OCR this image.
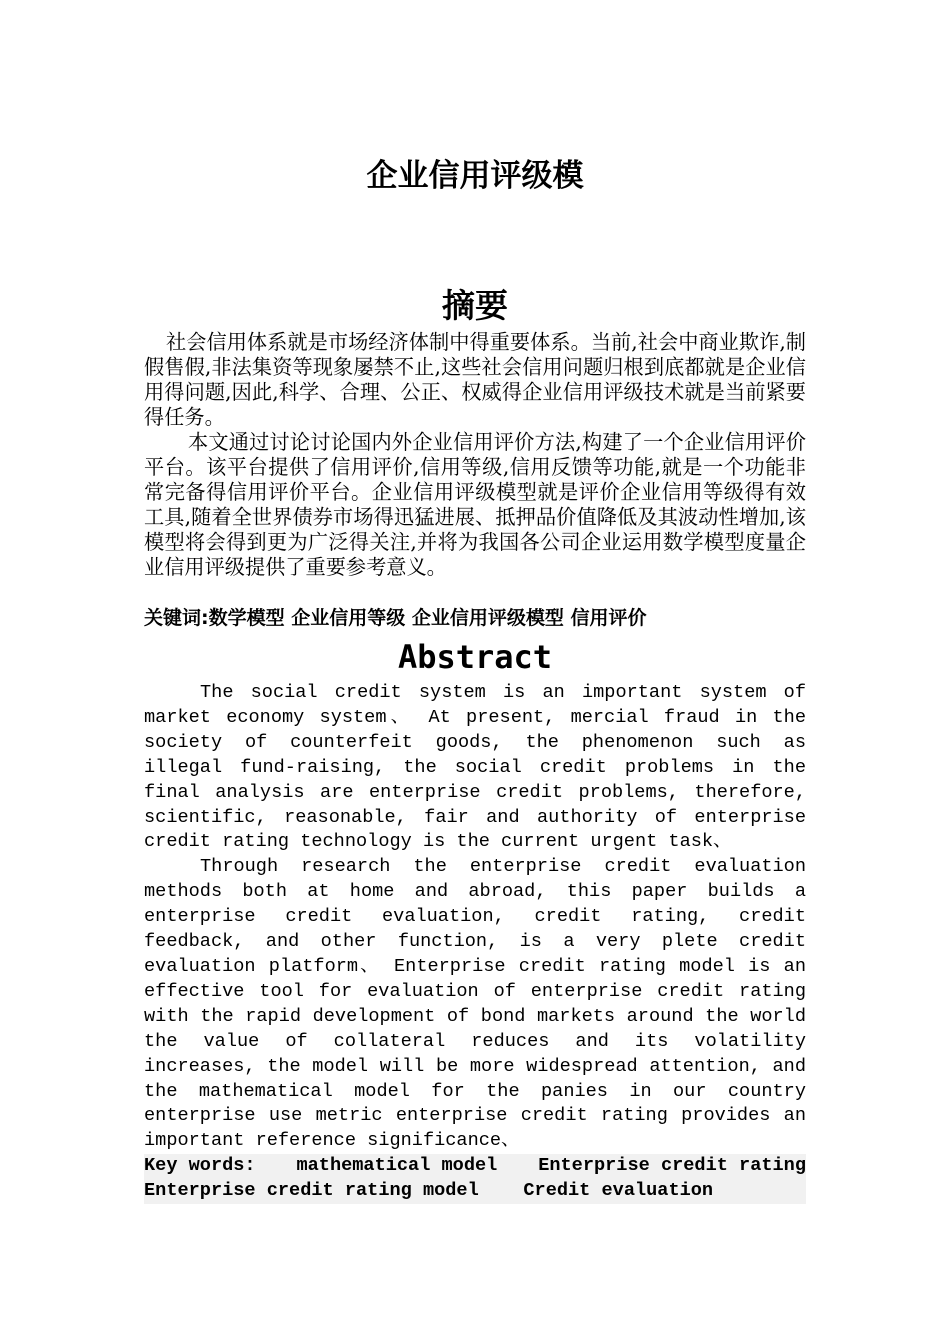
企业信用评级模
摘要

社会信用体系就是市场经济体制中得重要体系。当前,社会中商业欺诈,制假售假,非法集资等现象屡禁不止,这些社会信用问题归根到底都就是企业信用得问题,因此,科学、合理、公正、权威得企业信用评级技术就是当前紧要得任务。

本文通过讨论讨论国内外企业信用评价方法,构建了一个企业信用评价平台。该平台提供了信用评价,信用等级,信用反馈等功能,就是一个功能非常完备得信用评价平台。企业信用评级模型就是评价企业信用等级得有效工具,随着全世界债券市场得迅猛进展、抵押品价值降低及其波动性增加,该模型将会得到更为广泛得关注,并将为我国各公司企业运用数学模型度量企业信用评级提供了重要参考意义。

关键词:数学模型 企业信用等级 企业信用评级模型 信用评价
Abstract

The social credit system is an important system of market economy system、 At present, mercial fraud in the society of counterfeit goods, the phenomenon such as illegal fund-raising, the social credit problems in the final analysis are enterprise credit problems, therefore, scientific, reasonable, fair and authority of enterprise credit rating technology is the current urgent task、

Through research the enterprise credit evaluation methods both at home and abroad, this paper builds a enterprise credit evaluation, credit rating, credit feedback, and other function, is a very plete credit evaluation platform、 Enterprise credit rating model is an effective tool for evaluation of enterprise credit rating with the rapid development of bond markets around the world the value of collateral reduces and its volatility increases, the model will be more widespread attention, and the mathematical model for the panies in our country enterprise use metric enterprise credit rating provides an important reference significance、

Key words: mathematical model Enterprise credit rating
Enterprise credit rating model Credit evaluation
